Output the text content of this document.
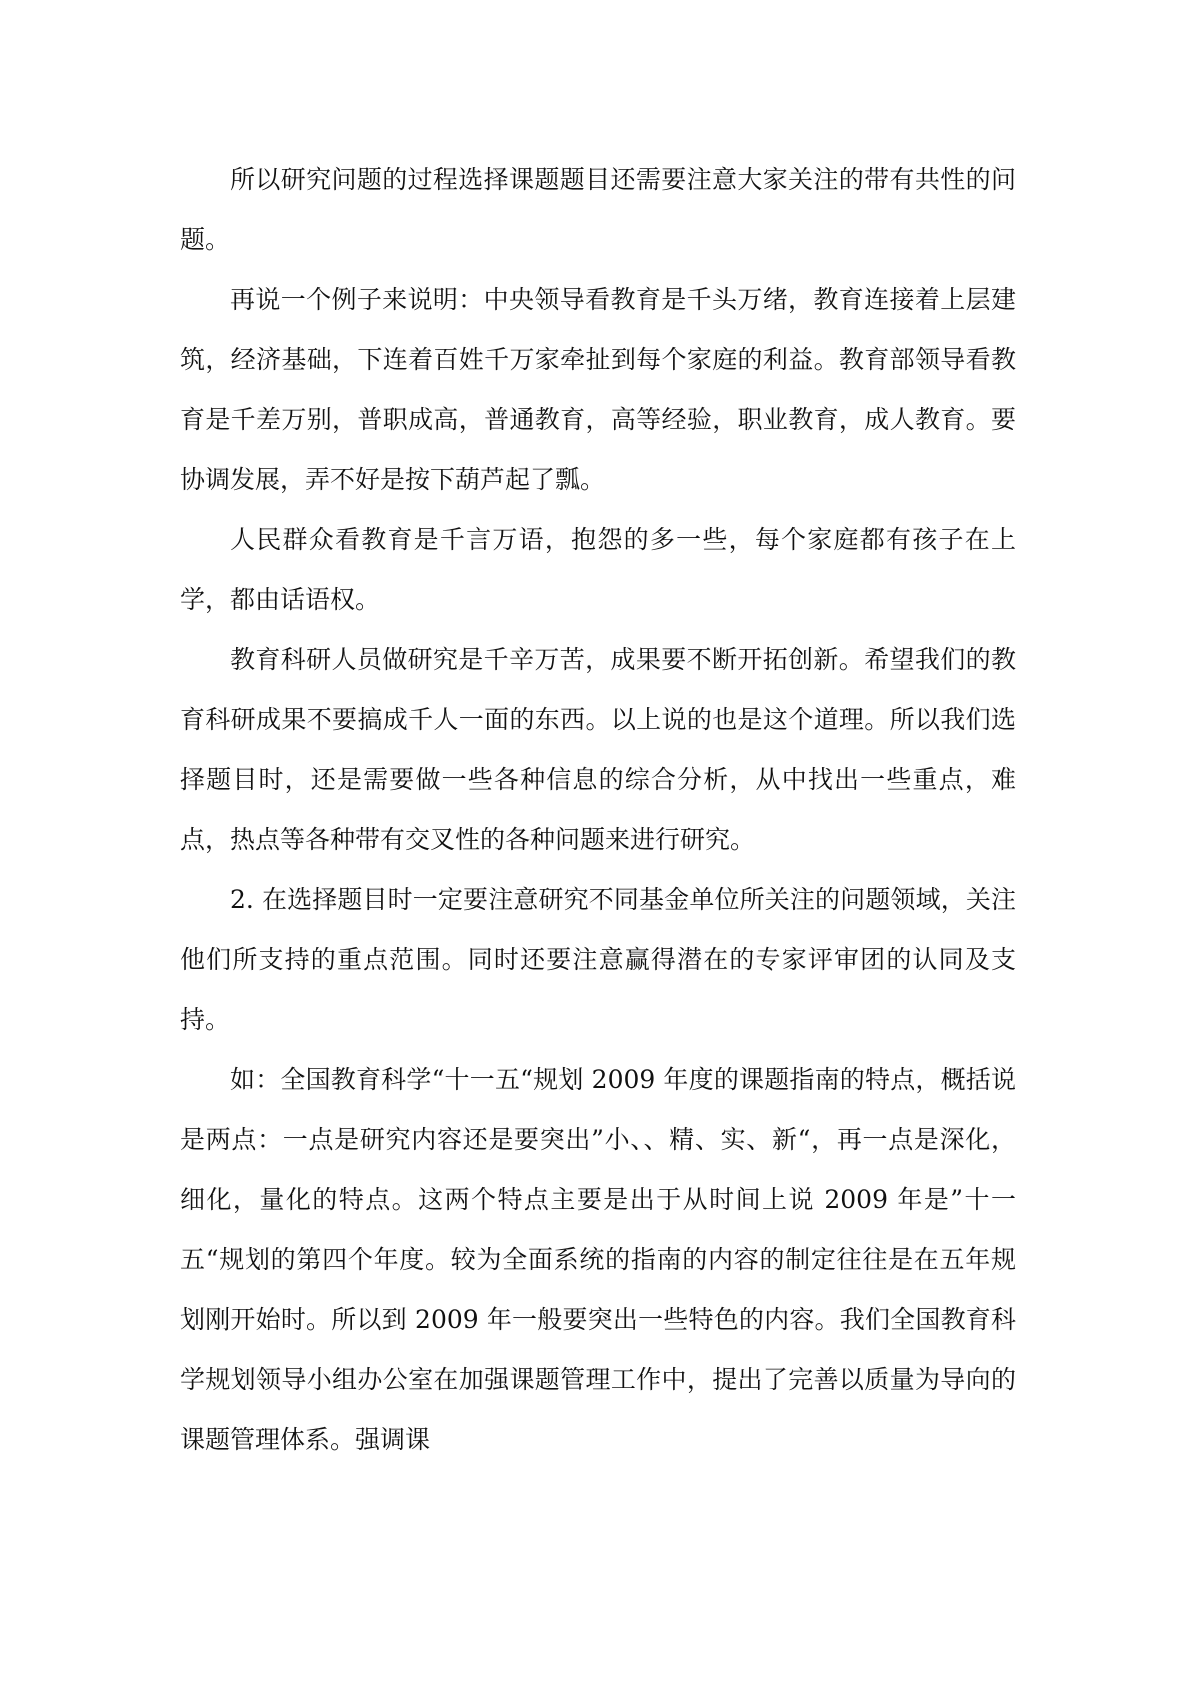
所以研究问题的过程选择课题题目还需要注意大家关注的带有共性的问题。

再说一个例子来说明：中央领导看教育是千头万绪，教育连接着上层建筑，经济基础，下连着百姓千万家牵扯到每个家庭的利益。教育部领导看教育是千差万别，普职成高，普通教育，高等经验，职业教育，成人教育。要协调发展，弄不好是按下葫芦起了瓢。

人民群众看教育是千言万语，抱怨的多一些，每个家庭都有孩子在上学，都由话语权。

教育科研人员做研究是千辛万苦，成果要不断开拓创新。希望我们的教育科研成果不要搞成千人一面的东西。以上说的也是这个道理。所以我们选择题目时，还是需要做一些各种信息的综合分析，从中找出一些重点，难点，热点等各种带有交叉性的各种问题来进行研究。

2. 在选择题目时一定要注意研究不同基金单位所关注的问题领域，关注他们所支持的重点范围。同时还要注意赢得潜在的专家评审团的认同及支持。

如：全国教育科学“十一五“规划 2009 年度的课题指南的特点，概括说是两点：一点是研究内容还是要突出”小、、精、实、新“，再一点是深化，细化，量化的特点。这两个特点主要是出于从时间上说 2009 年是”十一五“规划的第四个年度。较为全面系统的指南的内容的制定往往是在五年规划刚开始时。所以到 2009 年一般要突出一些特色的内容。我们全国教育科学规划领导小组办公室在加强课题管理工作中，提出了完善以质量为导向的课题管理体系。强调课
